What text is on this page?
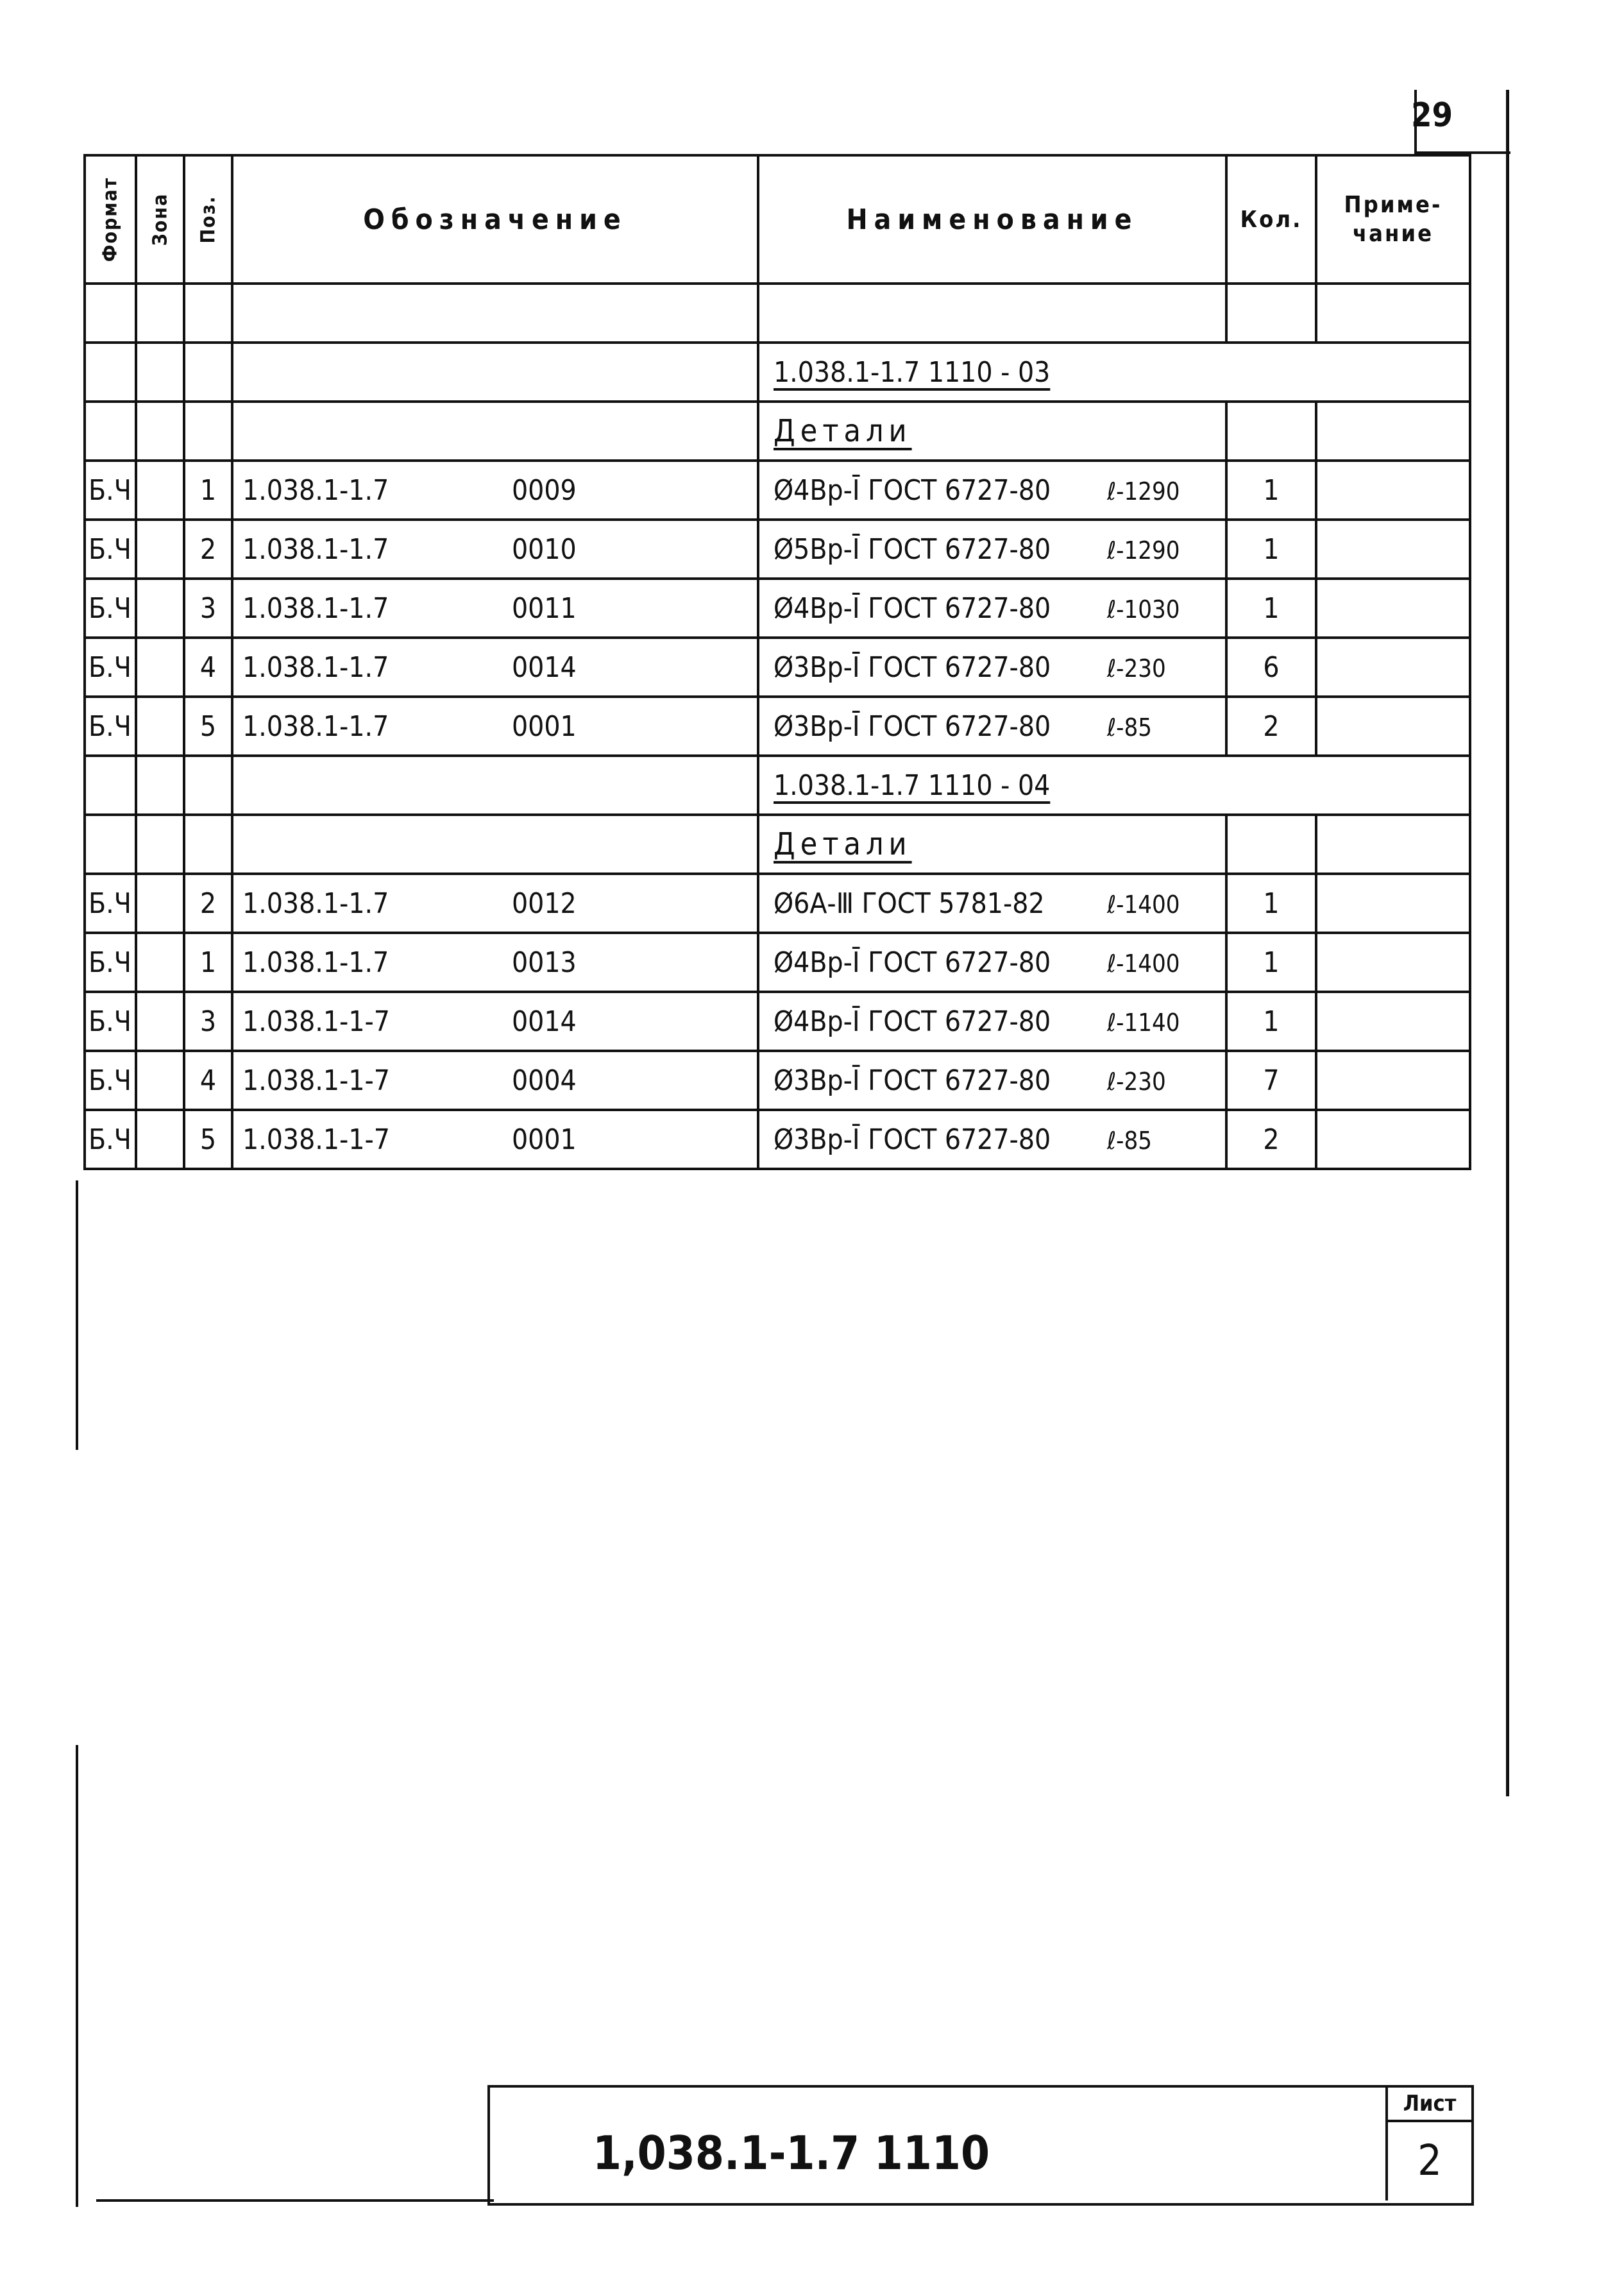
29
Формат	Зона	Поз.	Обозначение	Наименование	Кол.	Приме-
чание

				1.038.1-1.7 1110 - 03		
				Детали		
Б.Ч		1	1.038.1-1.7 0009	Ø4Вр-Ī ГОСТ 6727-80 ℓ-1290	1	
Б.Ч		2	1.038.1-1.7 0010	Ø5Вр-Ī ГОСТ 6727-80 ℓ-1290	1	
Б.Ч		3	1.038.1-1.7 0011	Ø4Вр-Ī ГОСТ 6727-80 ℓ-1030	1	
Б.Ч		4	1.038.1-1.7 0014	Ø3Вр-Ī ГОСТ 6727-80 ℓ-230	6	
Б.Ч		5	1.038.1-1.7 0001	Ø3Вр-Ī ГОСТ 6727-80 ℓ-85	2	
				1.038.1-1.7 1110 - 04		
				Детали		
Б.Ч		2	1.038.1-1.7 0012	Ø6А-Ⅲ ГОСТ 5781-82 ℓ-1400	1	
Б.Ч		1	1.038.1-1.7 0013	Ø4Вр-Ī ГОСТ 6727-80 ℓ-1400	1	
Б.Ч		3	1.038.1-1-7 0014	Ø4Вр-Ī ГОСТ 6727-80 ℓ-1140	1	
Б.Ч		4	1.038.1-1-7 0004	Ø3Вр-Ī ГОСТ 6727-80 ℓ-230	7	
Б.Ч		5	1.038.1-1-7 0001	Ø3Вр-Ī ГОСТ 6727-80 ℓ-85	2	
1,038.1-1.7 1110
Лист
2
